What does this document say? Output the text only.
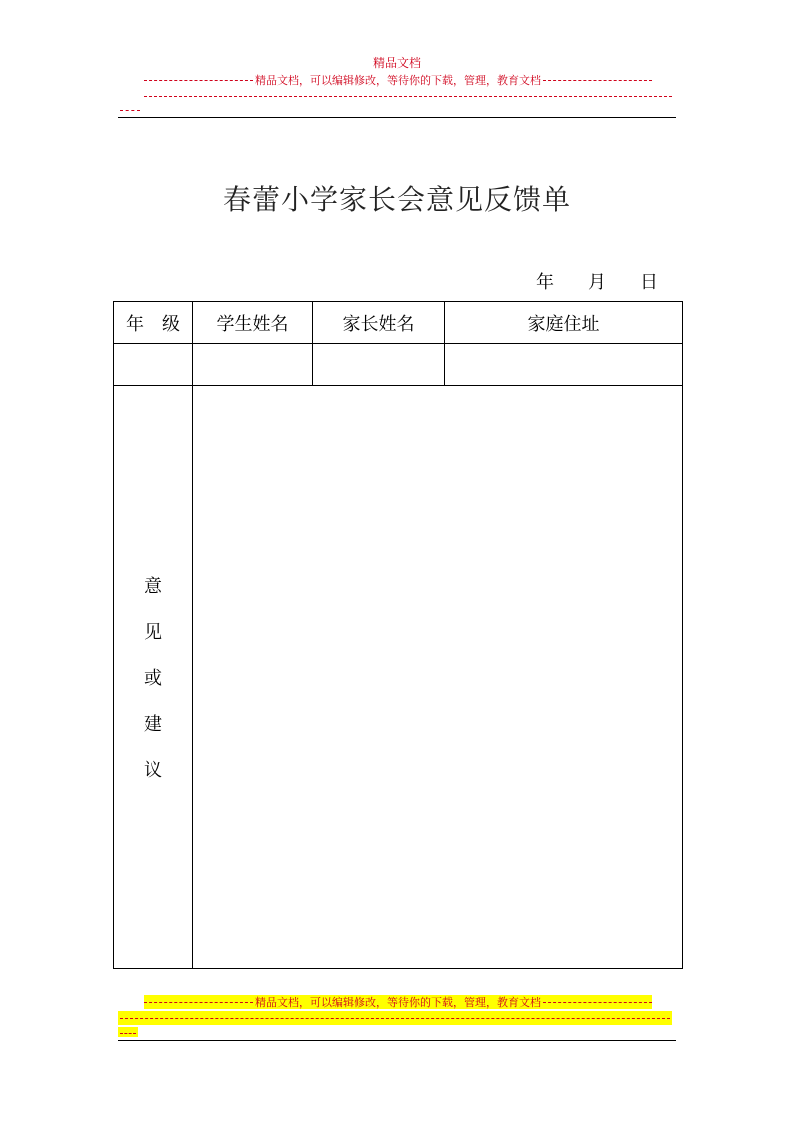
精品文档
精品文档，可以编辑修改，等待你的下载，管理，教育文档
春蕾小学家长会意见反馈单
年 月 日
年　级	学生姓名	家长姓名	家庭住址

意
见
或
建
议			

精品文档，可以编辑修改，等待你的下载，管理，教育文档
